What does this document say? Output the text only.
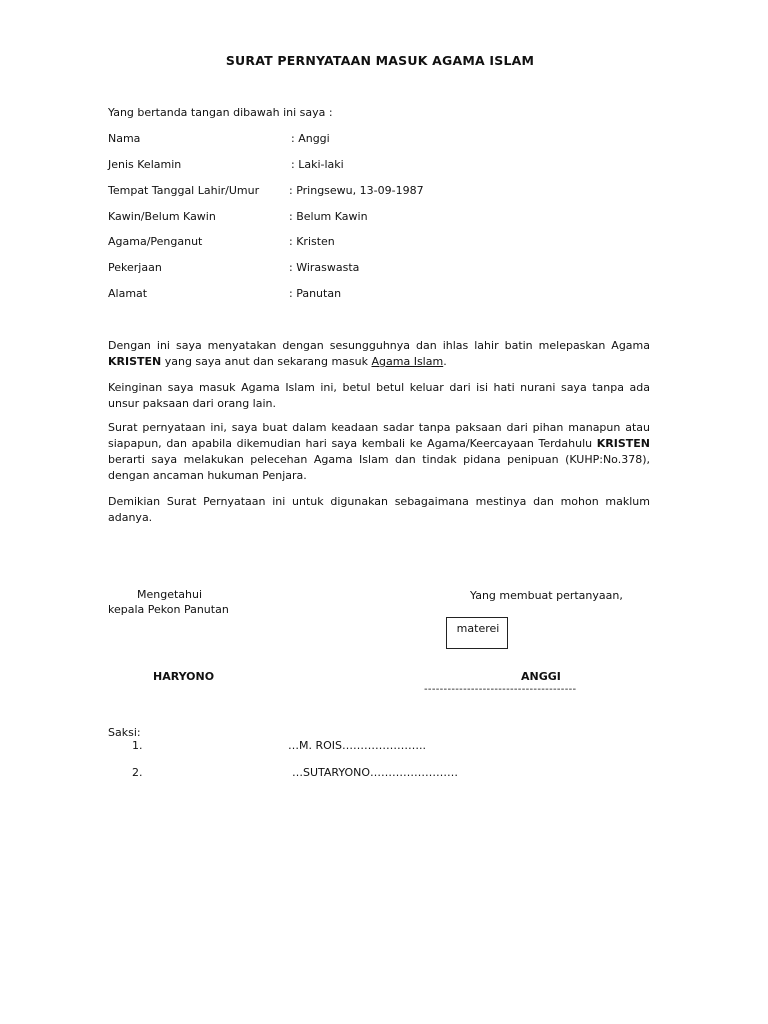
SURAT PERNYATAAN MASUK AGAMA ISLAM
Yang bertanda tangan dibawah ini saya :
Nama	: Anggi
Jenis Kelamin	: Laki-laki
Tempat Tanggal Lahir/Umur	: Pringsewu, 13-09-1987
Kawin/Belum Kawin	: Belum Kawin
Agama/Penganut	: Kristen
Pekerjaan	: Wiraswasta
Alamat	: Panutan
Dengan ini saya menyatakan dengan sesungguhnya dan ihlas lahir batin melepaskan Agama KRISTEN yang saya anut dan sekarang masuk Agama Islam.
Keinginan saya masuk Agama Islam ini, betul betul keluar dari isi hati nurani saya tanpa ada unsur paksaan dari orang lain.
Surat pernyataan ini, saya buat dalam keadaan sadar tanpa paksaan dari pihan manapun atau siapapun, dan apabila dikemudian hari saya kembali ke Agama/Keercayaan Terdahulu KRISTEN berarti saya melakukan pelecehan Agama Islam dan tindak pidana penipuan (KUHP:No.378), dengan ancaman hukuman Penjara.
Demikian Surat Pernyataan ini untuk digunakan sebagaimana mestinya dan mohon maklum adanya.
Mengetahui
kepala Pekon Panutan
Yang membuat pertanyaan,
materei
HARYONO	ANGGI
---------------------------------------
Saksi:
1.	…M. ROIS…………………..
2.	…SUTARYONO……………………
